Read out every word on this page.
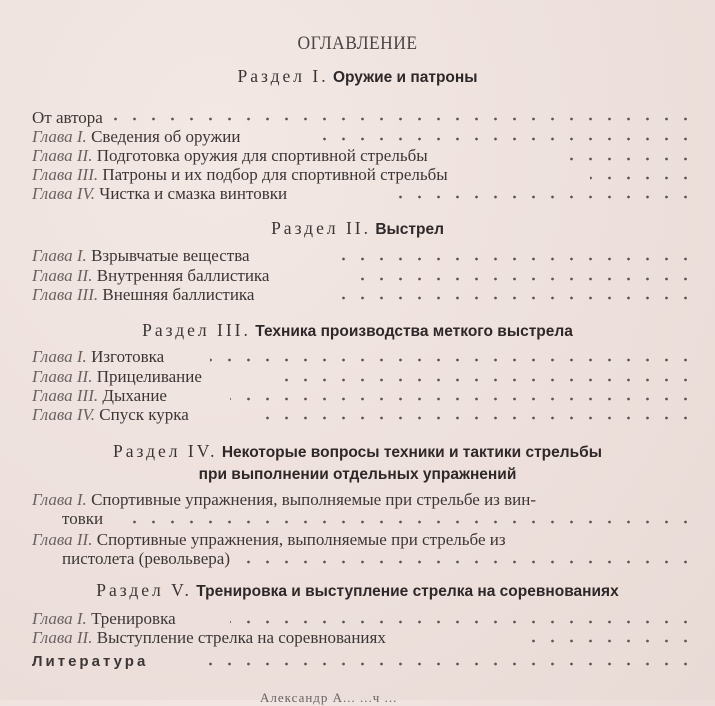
ОГЛАВЛЕНИЕ
Раздел I. Оружие и патроны
От автора
Глава I. Сведения об оружии
Глава II. Подготовка оружия для спортивной стрельбы
Глава III. Патроны и их подбор для спортивной стрельбы
Глава IV. Чистка и смазка винтовки
Раздел II. Выстрел
Глава I. Взрывчатые вещества
Глава II. Внутренняя баллистика
Глава III. Внешняя баллистика
Раздел III. Техника производства меткого выстрела
Глава I. Изготовка
Глава II. Прицеливание
Глава III. Дыхание
Глава IV. Спуск курка
Раздел IV. Некоторые вопросы техники и тактики стрельбы
при выполнении отдельных упражнений
Глава I. Спортивные упражнения, выполняемые при стрельбе из вин-
товки
Глава II. Спортивные упражнения, выполняемые при стрельбе из
пистолета (револьвера)
Раздел V. Тренировка и выступление стрелка на соревнованиях
Глава I. Тренировка
Глава II. Выступление стрелка на соревнованиях
Литература
Александр А... ...ч ...
